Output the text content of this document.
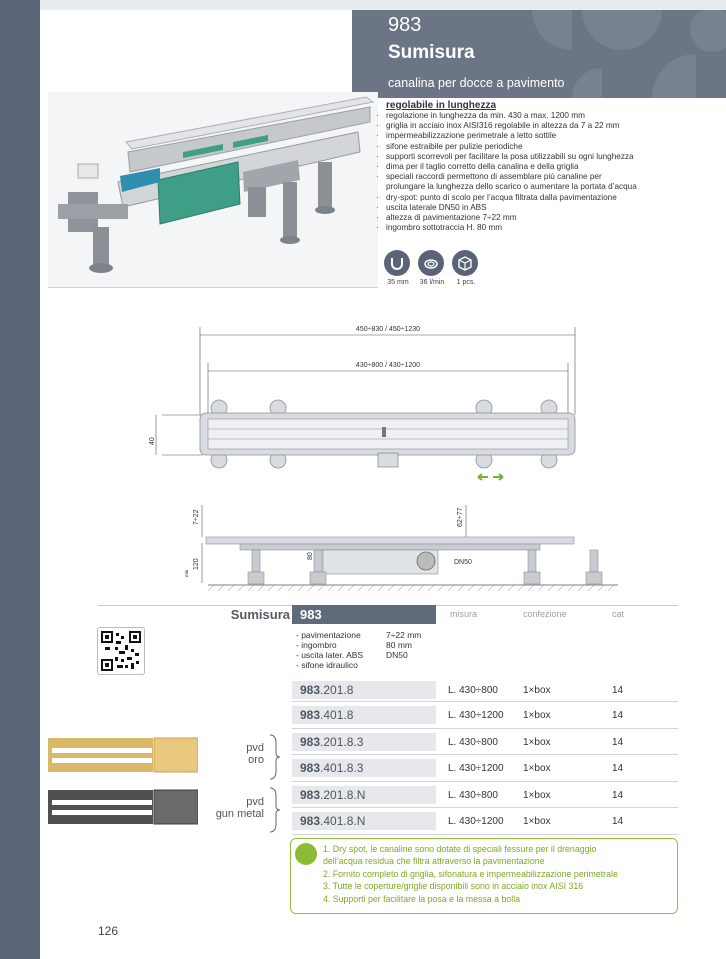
983
Sumisura
canalina per docce a pavimento
regolabile in lunghezza
· regolazione in lunghezza da min. 430 a max. 1200 mm
· griglia in acciaio inox AISI316 regolabile in altezza da 7 a 22 mm
· impermeabilizzazione perimetrale a letto sottile
· sifone estraibile per pulizie periodiche
· supporti scorrevoli per facilitare la posa utilizzabili su ogni lunghezza
· dima per il taglio corretto della canalina e della griglia
· speciali raccordi permettono di assemblare più canaline per
prolungare la lunghezza dello scarico o aumentare la portata d’acqua
· dry-spot: punto di scolo per l’acqua filtrata dalla pavimentazione
· uscita laterale DN50 in ABS
· altezza di pavimentazione 7÷22 mm
· ingombro sottotraccia H. 80 mm
35 mm	36 l/min	1 pcs.
450÷830 / 450÷1230
430÷800 / 430÷1200
40
7÷22	62÷77
120
min
80
DN50
Sumisura 983	misura	confezione	cat
- pavimentazione	7÷22 mm
- ingombro	80 mm
- uscita later. ABS	DN50
- sifone idraulico
983.201.8	L. 430÷800	1×box	14
983.401.8	L. 430÷1200 1×box	14
983.201.8.3	L. 430÷800	1×box	14
983.401.8.3	L. 430÷1200 1×box	14
983.201.8.N	L. 430÷800	1×box	14
983.401.8.N	L. 430÷1200 1×box	14
pvd
oro
pvd
gun metal
1. Dry spot, le canaline sono dotate di speciali fessure per il drenaggio
dell’acqua residua che filtra attraverso la pavimentazione
2. Fornito completo di griglia, sifonatura e impermeabilizzazione perimetrale
3. Tutte le coperture/griglie disponibili sono in acciaio inox AISI 316
4. Supporti per facilitare la posa e la messa a bolla
126
